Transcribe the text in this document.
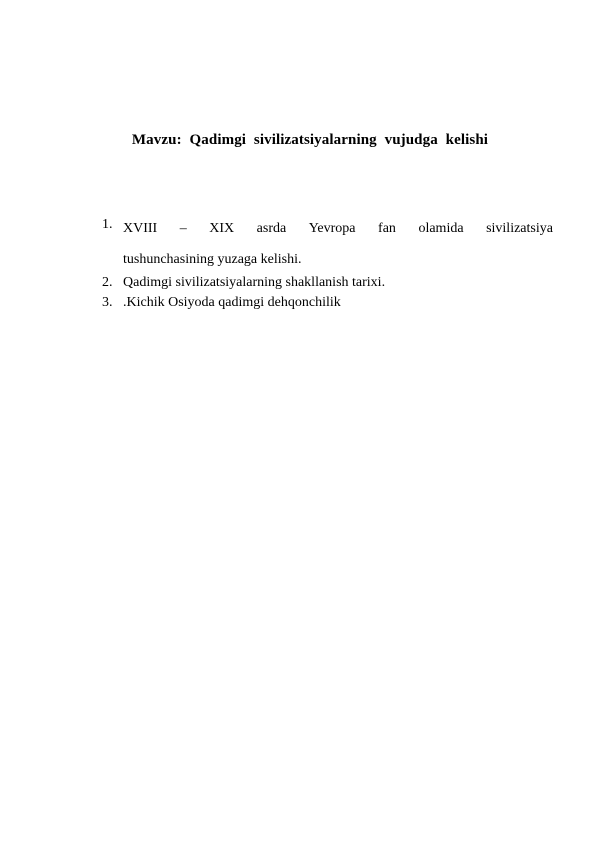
Mavzu: Qadimgi sivilizatsiyalarning vujudga kelishi
1. XVIII – XIX asrda Yevropa fan olamida sivilizatsiya
tushunchasining yuzaga kelishi.
2. Qadimgi sivilizatsiyalarning shakllanish tarixi.
3. .Kichik Osiyoda qadimgi dehqonchilik
